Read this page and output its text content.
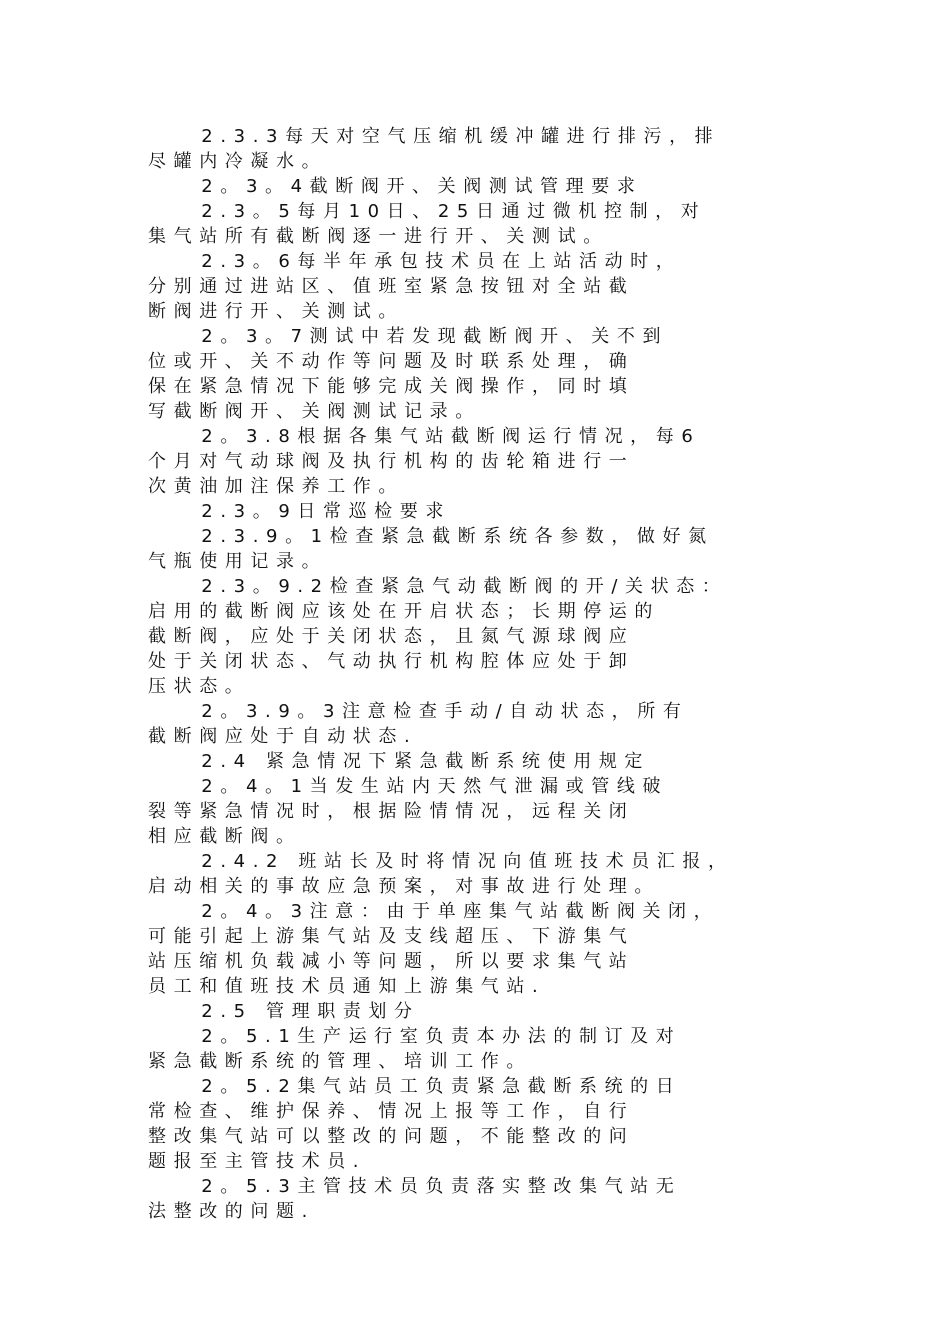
2.3.3每天对空气压缩机缓冲罐进行排污，排
尽罐内冷凝水。
2。3。4截断阀开、关阀测试管理要求
2.3。5每月10日、25日通过微机控制，对
集气站所有截断阀逐一进行开、关测试。
2.3。6每半年承包技术员在上站活动时，
分别通过进站区、值班室紧急按钮对全站截
断阀进行开、关测试。
2。3。7测试中若发现截断阀开、关不到
位或开、关不动作等问题及时联系处理，确
保在紧急情况下能够完成关阀操作，同时填
写截断阀开、关阀测试记录。
2。3.8根据各集气站截断阀运行情况，每6
个月对气动球阀及执行机构的齿轮箱进行一
次黄油加注保养工作。
2.3。9日常巡检要求
2.3.9。1检查紧急截断系统各参数，做好氮
气瓶使用记录。
2.3。9.2检查紧急气动截断阀的开/关状态：
启用的截断阀应该处在开启状态；长期停运的
截断阀，应处于关闭状态，且氮气源球阀应
处于关闭状态、气动执行机构腔体应处于卸
压状态。
2。3.9。3注意检查手动/自动状态，所有
截断阀应处于自动状态.
2.4 紧急情况下紧急截断系统使用规定
2。4。1当发生站内天然气泄漏或管线破
裂等紧急情况时，根据险情情况，远程关闭
相应截断阀。
2.4.2 班站长及时将情况向值班技术员汇报，
启动相关的事故应急预案，对事故进行处理。
2。4。3注意：由于单座集气站截断阀关闭，
可能引起上游集气站及支线超压、下游集气
站压缩机负载减小等问题，所以要求集气站
员工和值班技术员通知上游集气站.
2.5 管理职责划分
2。5.1生产运行室负责本办法的制订及对
紧急截断系统的管理、培训工作。
2。5.2集气站员工负责紧急截断系统的日
常检查、维护保养、情况上报等工作，自行
整改集气站可以整改的问题，不能整改的问
题报至主管技术员.
2。5.3主管技术员负责落实整改集气站无
法整改的问题.
